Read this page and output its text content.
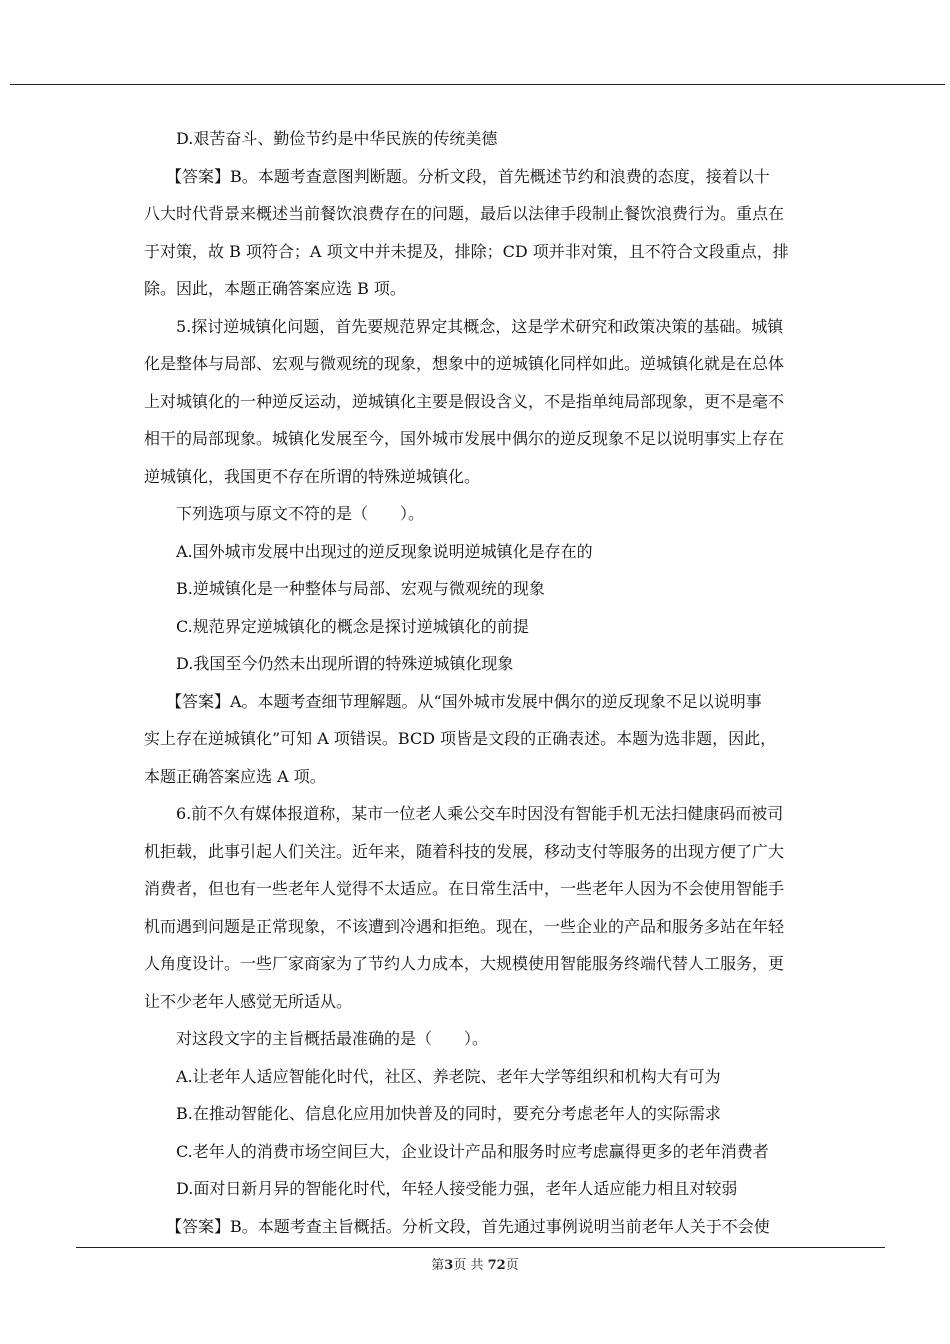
D.艰苦奋斗、勤俭节约是中华民族的传统美德
【答案】B。本题考查意图判断题。分析文段，首先概述节约和浪费的态度，接着以十
八大时代背景来概述当前餐饮浪费存在的问题，最后以法律手段制止餐饮浪费行为。重点在
于对策，故 B 项符合；A 项文中并未提及，排除；CD 项并非对策，且不符合文段重点，排
除。因此，本题正确答案应选 B 项。
5.探讨逆城镇化问题，首先要规范界定其概念，这是学术研究和政策决策的基础。城镇
化是整体与局部、宏观与微观统的现象，想象中的逆城镇化同样如此。逆城镇化就是在总体
上对城镇化的一种逆反运动，逆城镇化主要是假设含义，不是指单纯局部现象，更不是毫不
相干的局部现象。城镇化发展至今，国外城市发展中偶尔的逆反现象不足以说明事实上存在
逆城镇化，我国更不存在所谓的特殊逆城镇化。
下列选项与原文不符的是（　　）。
A.国外城市发展中出现过的逆反现象说明逆城镇化是存在的
B.逆城镇化是一种整体与局部、宏观与微观统的现象
C.规范界定逆城镇化的概念是探讨逆城镇化的前提
D.我国至今仍然未出现所谓的特殊逆城镇化现象
【答案】A。本题考查细节理解题。从“国外城市发展中偶尔的逆反现象不足以说明事
实上存在逆城镇化”可知 A 项错误。BCD 项皆是文段的正确表述。本题为选非题，因此，
本题正确答案应选 A 项。
6.前不久有媒体报道称，某市一位老人乘公交车时因没有智能手机无法扫健康码而被司
机拒载，此事引起人们关注。近年来，随着科技的发展，移动支付等服务的出现方便了广大
消费者，但也有一些老年人觉得不太适应。在日常生活中，一些老年人因为不会使用智能手
机而遇到问题是正常现象，不该遭到冷遇和拒绝。现在，一些企业的产品和服务多站在年轻
人角度设计。一些厂家商家为了节约人力成本，大规模使用智能服务终端代替人工服务，更
让不少老年人感觉无所适从。
对这段文字的主旨概括最准确的是（　　）。
A.让老年人适应智能化时代，社区、养老院、老年大学等组织和机构大有可为
B.在推动智能化、信息化应用加快普及的同时，要充分考虑老年人的实际需求
C.老年人的消费市场空间巨大，企业设计产品和服务时应考虑赢得更多的老年消费者
D.面对日新月异的智能化时代，年轻人接受能力强，老年人适应能力相且对较弱
【答案】B。本题考查主旨概括。分析文段，首先通过事例说明当前老年人关于不会使
第3页 共 72页
